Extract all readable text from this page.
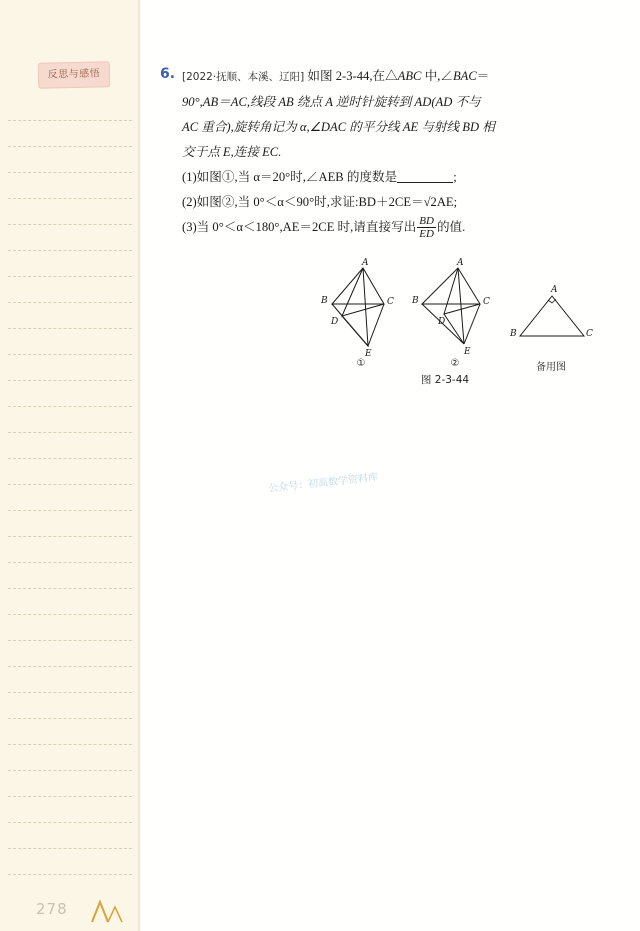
反思与感悟
278
6. [2022·抚顺、本溪、辽阳] 如图 2-3-44,在△ABC 中,∠BAC＝

90°,AB＝AC,线段 AB 绕点 A 逆时针旋转到 AD(AD 不与

AC 重合),旋转角记为 α,∠DAC 的平分线 AE 与射线 BD 相

交于点 E,连接 EC.

(1)如图①,当 α＝20°时,∠AEB 的度数是	;

(2)如图②,当 0°＜α＜90°时,求证:BD＋2CE＝√2AE;

(3)当 0°＜α＜180°,AE＝2CE 时,请直接写出 $\frac{BD}{ED}$ 的值.

A
B	C
D
E
①
A
B	C
D
E
②
A
B	C
备用图
图 2-3-44
公众号：初高数学资料库
